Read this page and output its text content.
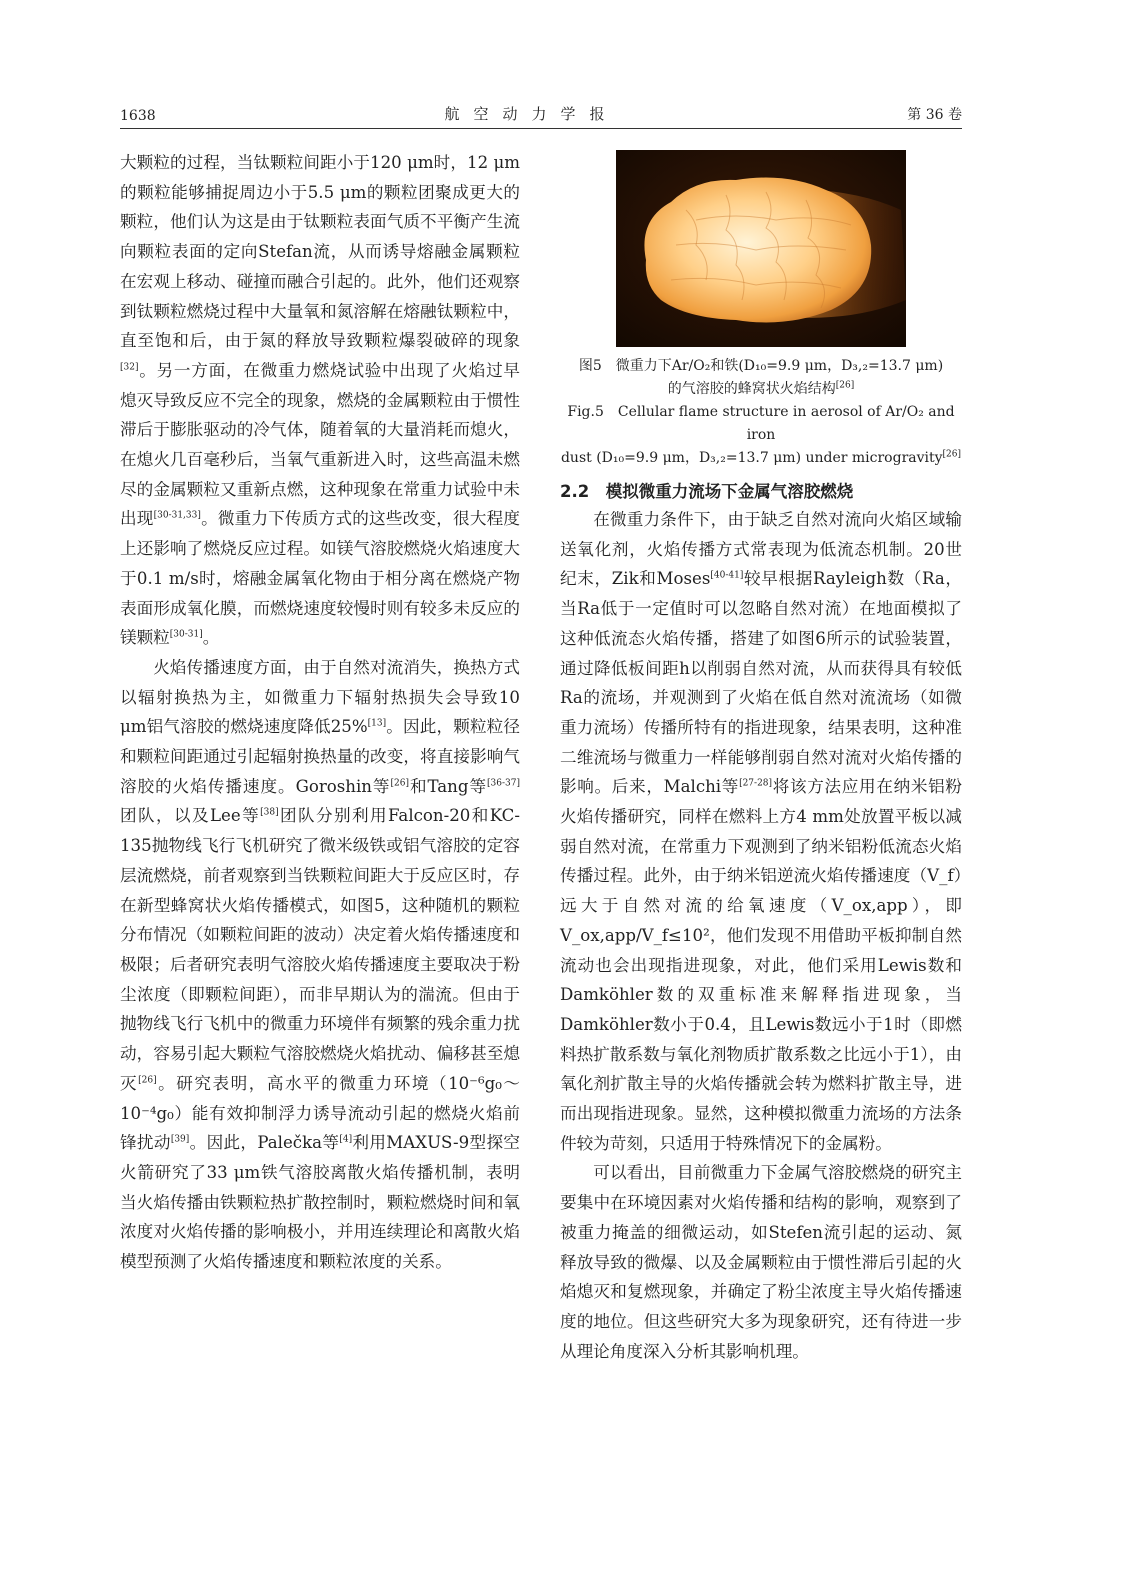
1638	航空动力学报	第 36 卷

大颗粒的过程，当钛颗粒间距小于120 μm时，12 μm的颗粒能够捕捉周边小于5.5 μm的颗粒团聚成更大的颗粒，他们认为这是由于钛颗粒表面气质不平衡产生流向颗粒表面的定向Stefan流，从而诱导熔融金属颗粒在宏观上移动、碰撞而融合引起的。此外，他们还观察到钛颗粒燃烧过程中大量氧和氮溶解在熔融钛颗粒中，直至饱和后，由于氮的释放导致颗粒爆裂破碎的现象[32]。另一方面，在微重力燃烧试验中出现了火焰过早熄灭导致反应不完全的现象，燃烧的金属颗粒由于惯性滞后于膨胀驱动的冷气体，随着氧的大量消耗而熄火，在熄火几百毫秒后，当氧气重新进入时，这些高温未燃尽的金属颗粒又重新点燃，这种现象在常重力试验中未出现[30-31,33]。微重力下传质方式的这些改变，很大程度上还影响了燃烧反应过程。如镁气溶胶燃烧火焰速度大于0.1 m/s时，熔融金属氧化物由于相分离在燃烧产物表面形成氧化膜，而燃烧速度较慢时则有较多未反应的镁颗粒[30-31]。

火焰传播速度方面，由于自然对流消失，换热方式以辐射换热为主，如微重力下辐射热损失会导致10 μm铝气溶胶的燃烧速度降低25%[13]。因此，颗粒粒径和颗粒间距通过引起辐射换热量的改变，将直接影响气溶胶的火焰传播速度。Goroshin等[26]和Tang等[36-37]团队，以及Lee等[38]团队分别利用Falcon-20和KC-135抛物线飞行飞机研究了微米级铁或铝气溶胶的定容层流燃烧，前者观察到当铁颗粒间距大于反应区时，存在新型蜂窝状火焰传播模式，如图5，这种随机的颗粒分布情况（如颗粒间距的波动）决定着火焰传播速度和极限；后者研究表明气溶胶火焰传播速度主要取决于粉尘浓度（即颗粒间距），而非早期认为的湍流。但由于抛物线飞行飞机中的微重力环境伴有频繁的残余重力扰动，容易引起大颗粒气溶胶燃烧火焰扰动、偏移甚至熄灭[26]。研究表明，高水平的微重力环境（10⁻⁶g₀～10⁻⁴g₀）能有效抑制浮力诱导流动引起的燃烧火焰前锋扰动[39]。因此，Palečka等[4]利用MAXUS-9型探空火箭研究了33 μm铁气溶胶离散火焰传播机制，表明当火焰传播由铁颗粒热扩散控制时，颗粒燃烧时间和氧浓度对火焰传播的影响极小，并用连续理论和离散火焰模型预测了火焰传播速度和颗粒浓度的关系。

图5　微重力下Ar/O₂和铁(D₁₀=9.9 μm，D₃,₂=13.7 μm)
的气溶胶的蜂窝状火焰结构[26]
Fig.5　Cellular flame structure in aerosol of Ar/O₂ and iron
dust (D₁₀=9.9 μm，D₃,₂=13.7 μm) under microgravity[26]
2.2　模拟微重力流场下金属气溶胶燃烧

在微重力条件下，由于缺乏自然对流向火焰区域输送氧化剂，火焰传播方式常表现为低流态机制。20世纪末，Zik和Moses[40-41]较早根据Rayleigh数（Ra，当Ra低于一定值时可以忽略自然对流）在地面模拟了这种低流态火焰传播，搭建了如图6所示的试验装置，通过降低板间距h以削弱自然对流，从而获得具有较低Ra的流场，并观测到了火焰在低自然对流流场（如微重力流场）传播所特有的指进现象，结果表明，这种准二维流场与微重力一样能够削弱自然对流对火焰传播的影响。后来，Malchi等[27-28]将该方法应用在纳米铝粉火焰传播研究，同样在燃料上方4 mm处放置平板以减弱自然对流，在常重力下观测到了纳米铝粉低流态火焰传播过程。此外，由于纳米铝逆流火焰传播速度（V_f）远大于自然对流的给氧速度（V_ox,app），即V_ox,app/V_f≤10²，他们发现不用借助平板抑制自然流动也会出现指进现象，对此，他们采用Lewis数和Damköhler数的双重标准来解释指进现象，当Damköhler数小于0.4，且Lewis数远小于1时（即燃料热扩散系数与氧化剂物质扩散系数之比远小于1），由氧化剂扩散主导的火焰传播就会转为燃料扩散主导，进而出现指进现象。显然，这种模拟微重力流场的方法条件较为苛刻，只适用于特殊情况下的金属粉。

可以看出，目前微重力下金属气溶胶燃烧的研究主要集中在环境因素对火焰传播和结构的影响，观察到了被重力掩盖的细微运动，如Stefen流引起的运动、氮释放导致的微爆、以及金属颗粒由于惯性滞后引起的火焰熄灭和复燃现象，并确定了粉尘浓度主导火焰传播速度的地位。但这些研究大多为现象研究，还有待进一步从理论角度深入分析其影响机理。
